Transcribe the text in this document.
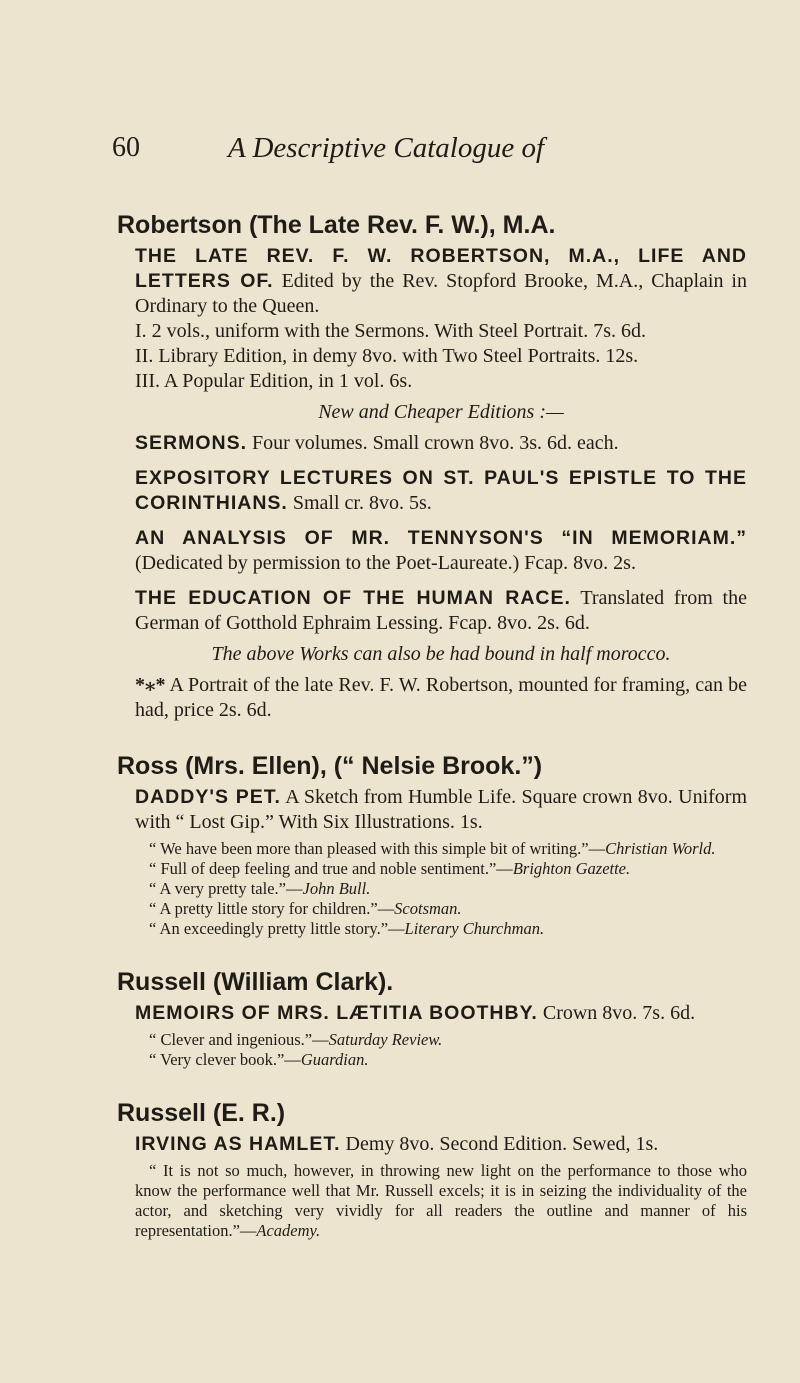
60	A Descriptive Catalogue of
Robertson (The Late Rev. F. W.), M.A.

THE LATE REV. F. W. ROBERTSON, M.A., LIFE AND LETTERS OF. Edited by the Rev. Stopford Brooke, M.A., Chaplain in Ordinary to the Queen.

I. 2 vols., uniform with the Sermons. With Steel Portrait. 7s. 6d.

II. Library Edition, in demy 8vo. with Two Steel Portraits. 12s.

III. A Popular Edition, in 1 vol. 6s.

New and Cheaper Editions :—

SERMONS. Four volumes. Small crown 8vo. 3s. 6d. each.

EXPOSITORY LECTURES ON ST. PAUL'S EPISTLE TO THE CORINTHIANS. Small cr. 8vo. 5s.

AN ANALYSIS OF MR. TENNYSON'S “IN MEMORIAM.” (Dedicated by permission to the Poet-Laureate.) Fcap. 8vo. 2s.

THE EDUCATION OF THE HUMAN RACE. Translated from the German of Gotthold Ephraim Lessing. Fcap. 8vo. 2s. 6d.

The above Works can also be had bound in half morocco.

*⁎* A Portrait of the late Rev. F. W. Robertson, mounted for framing, can be had, price 2s. 6d.

Ross (Mrs. Ellen), (“ Nelsie Brook.”)

DADDY'S PET. A Sketch from Humble Life. Square crown 8vo. Uniform with “ Lost Gip.” With Six Illustrations. 1s.

“ We have been more than pleased with this simple bit of writing.”—Christian World.
“ Full of deep feeling and true and noble sentiment.”—Brighton Gazette.
“ A very pretty tale.”—John Bull.
“ A pretty little story for children.”—Scotsman.
“ An exceedingly pretty little story.”—Literary Churchman.
Russell (William Clark).

MEMOIRS OF MRS. LÆTITIA BOOTHBY. Crown 8vo. 7s. 6d.

“ Clever and ingenious.”—Saturday Review.
“ Very clever book.”—Guardian.
Russell (E. R.)

IRVING AS HAMLET. Demy 8vo. Second Edition. Sewed, 1s.

“ It is not so much, however, in throwing new light on the performance to those who know the performance well that Mr. Russell excels; it is in seizing the individuality of the actor, and sketching very vividly for all readers the outline and manner of his representation.”—Academy.
